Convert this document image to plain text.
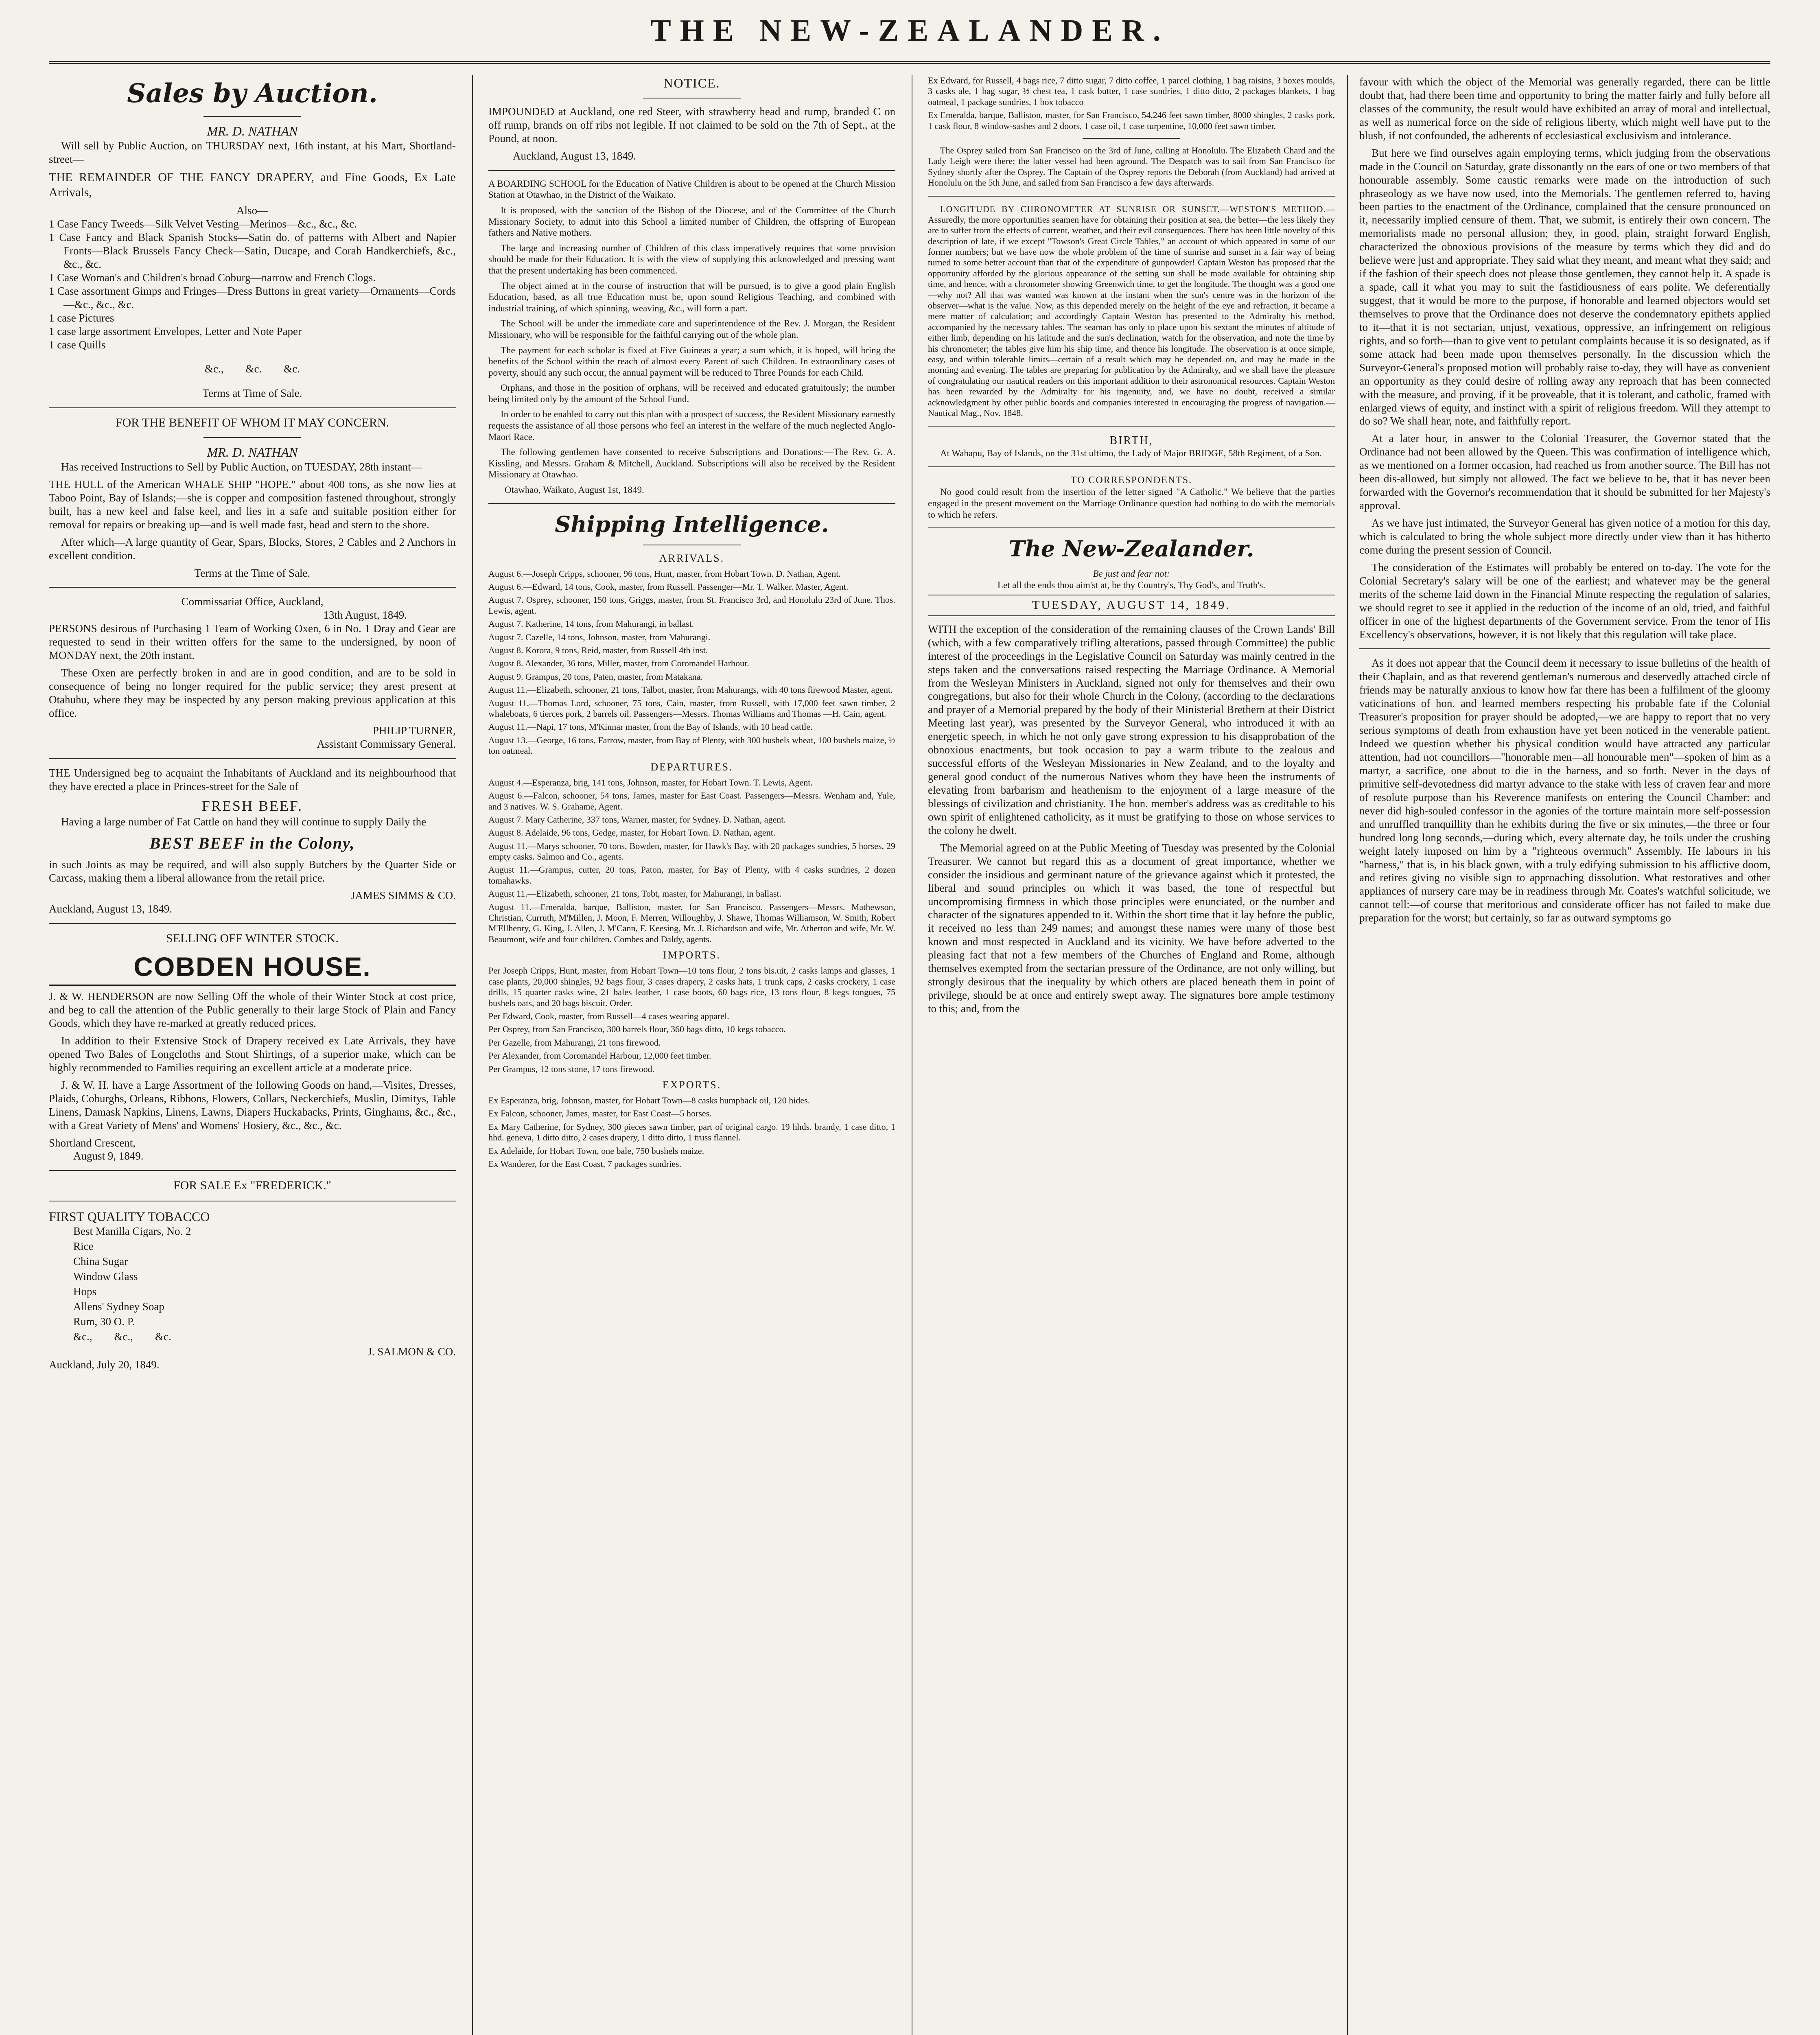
THE NEW-ZEALANDER.
Sales by Auction.
MR. D. NATHAN

Will sell by Public Auction, on THURSDAY next, 16th instant, at his Mart, Shortland-street—

THE REMAINDER OF THE FANCY DRAPERY, and Fine Goods, Ex Late Arrivals,

Also—

1 Case Fancy Tweeds—Silk Velvet Vesting—Merinos—&c., &c., &c.

1 Case Fancy and Black Spanish Stocks—Satin do. of patterns with Albert and Napier Fronts—Black Brussels Fancy Check—Satin, Ducape, and Corah Handkerchiefs, &c., &c., &c.

1 Case Woman's and Children's broad Coburg—narrow and French Clogs.

1 Case assortment Gimps and Fringes—Dress Buttons in great variety—Ornaments—Cords—&c., &c., &c.

1 case Pictures

1 case large assortment Envelopes, Letter and Note Paper

1 case Quills

&c.,        &c.        &c.

Terms at Time of Sale.
FOR THE BENEFIT OF WHOM IT MAY CONCERN.
MR. D. NATHAN

Has received Instructions to Sell by Public Auction, on TUESDAY, 28th instant—

THE HULL of the American WHALE SHIP "HOPE." about 400 tons, as she now lies at Taboo Point, Bay of Islands;—she is copper and composition fastened throughout, strongly built, has a new keel and false keel, and lies in a safe and suitable position either for removal for repairs or breaking up—and is well made fast, head and stern to the shore.

After which—A large quantity of Gear, Spars, Blocks, Stores, 2 Cables and 2 Anchors in excellent condition.

Terms at the Time of Sale.
Commissariat Office, Auckland,
13th August, 1849.

PERSONS desirous of Purchasing 1 Team of Working Oxen, 6 in No. 1 Dray and Gear are requested to send in their written offers for the same to the undersigned, by noon of MONDAY next, the 20th instant.

These Oxen are perfectly broken in and are in good condition, and are to be sold in consequence of being no longer required for the public service; they arest present at Otahuhu, where they may be inspected by any person making previous application at this office.

PHILIP TURNER,
Assistant Commissary General.

THE Undersigned beg to acquaint the Inhabitants of Auckland and its neighbourhood that they have erected a place in Princes-street for the Sale of

FRESH BEEF.

Having a large number of Fat Cattle on hand they will continue to supply Daily the

BEST BEEF in the Colony,

in such Joints as may be required, and will also supply Butchers by the Quarter Side or Carcass, making them a liberal allowance from the retail price.

JAMES SIMMS & CO.
Auckland, August 13, 1849.
SELLING OFF WINTER STOCK.
COBDEN HOUSE.

J. & W. HENDERSON are now Selling Off the whole of their Winter Stock at cost price, and beg to call the attention of the Public generally to their large Stock of Plain and Fancy Goods, which they have re-marked at greatly reduced prices.

In addition to their Extensive Stock of Drapery received ex Late Arrivals, they have opened Two Bales of Longcloths and Stout Shirtings, of a superior make, which can be highly recommended to Families requiring an excellent article at a moderate price.

J. & W. H. have a Large Assortment of the following Goods on hand,—Visites, Dresses, Plaids, Coburghs, Orleans, Ribbons, Flowers, Collars, Neckerchiefs, Muslin, Dimitys, Table Linens, Damask Napkins, Linens, Lawns, Diapers Huckabacks, Prints, Ginghams, &c., &c., with a Great Variety of Mens' and Womens' Hosiery, &c., &c., &c.

Shortland Crescent,
August 9, 1849.
FOR SALE Ex "FREDERICK."
FIRST QUALITY TOBACCO

Best Manilla Cigars, No. 2

Rice

China Sugar

Window Glass

Hops

Allens' Sydney Soap

Rum, 30 O. P.

&c.,        &c.,        &c.

J. SALMON & CO.
Auckland, July 20, 1849.
NOTICE.

IMPOUNDED at Auckland, one red Steer, with strawberry head and rump, branded C on off rump, brands on off ribs not legible. If not claimed to be sold on the 7th of Sept., at the Pound, at noon.

Auckland, August 13, 1849.

A BOARDING SCHOOL for the Education of Native Children is about to be opened at the Church Mission Station at Otawhao, in the District of the Waikato.

It is proposed, with the sanction of the Bishop of the Diocese, and of the Committee of the Church Missionary Society, to admit into this School a limited number of Children, the offspring of European fathers and Native mothers.

The large and increasing number of Children of this class imperatively requires that some provision should be made for their Education. It is with the view of supplying this acknowledged and pressing want that the present undertaking has been commenced.

The object aimed at in the course of instruction that will be pursued, is to give a good plain English Education, based, as all true Education must be, upon sound Religious Teaching, and combined with industrial training, of which spinning, weaving, &c., will form a part.

The School will be under the immediate care and superintendence of the Rev. J. Morgan, the Resident Missionary, who will be responsible for the faithful carrying out of the whole plan.

The payment for each scholar is fixed at Five Guineas a year; a sum which, it is hoped, will bring the benefits of the School within the reach of almost every Parent of such Children. In extraordinary cases of poverty, should any such occur, the annual payment will be reduced to Three Pounds for each Child.

Orphans, and those in the position of orphans, will be received and educated gratuitously; the number being limited only by the amount of the School Fund.

In order to be enabled to carry out this plan with a prospect of success, the Resident Missionary earnestly requests the assistance of all those persons who feel an interest in the welfare of the much neglected Anglo-Maori Race.

The following gentlemen have consented to receive Subscriptions and Donations:—The Rev. G. A. Kissling, and Messrs. Graham & Mitchell, Auckland. Subscriptions will also be received by the Resident Missionary at Otawhao.

Otawhao, Waikato, August 1st, 1849.
Shipping Intelligence.
ARRIVALS.

August 6.—Joseph Cripps, schooner, 96 tons, Hunt, master, from Hobart Town. D. Nathan, Agent.

August 6.—Edward, 14 tons, Cook, master, from Russell. Passenger—Mr. T. Walker. Master, Agent.

August 7. Osprey, schooner, 150 tons, Griggs, master, from St. Francisco 3rd, and Honolulu 23rd of June. Thos. Lewis, agent.

August 7. Katherine, 14 tons, from Mahurangi, in ballast.

August 7. Cazelle, 14 tons, Johnson, master, from Mahurangi.

August 8. Korora, 9 tons, Reid, master, from Russell 4th inst.

August 8. Alexander, 36 tons, Miller, master, from Coromandel Harbour.

August 9. Grampus, 20 tons, Paten, master, from Matakana.

August 11.—Elizabeth, schooner, 21 tons, Talbot, master, from Mahurangs, with 40 tons firewood Master, agent.

August 11.—Thomas Lord, schooner, 75 tons, Cain, master, from Russell, with 17,000 feet sawn timber, 2 whaleboats, 6 tierces pork, 2 barrels oil. Passengers—Messrs. Thomas Williams and Thomas —H. Cain, agent.

August 11.—Napi, 17 tons, M'Kinnar master, from the Bay of Islands, with 10 head cattle.

August 13.—George, 16 tons, Farrow, master, from Bay of Plenty, with 300 bushels wheat, 100 bushels maize, ½ ton oatmeal.

DEPARTURES.

August 4.—Esperanza, brig, 141 tons, Johnson, master, for Hobart Town. T. Lewis, Agent.

August 6.—Falcon, schooner, 54 tons, James, master for East Coast. Passengers—Messrs. Wenham and, Yule, and 3 natives. W. S. Grahame, Agent.

August 7. Mary Catherine, 337 tons, Warner, master, for Sydney. D. Nathan, agent.

August 8. Adelaide, 96 tons, Gedge, master, for Hobart Town. D. Nathan, agent.

August 11.—Marys schooner, 70 tons, Bowden, master, for Hawk's Bay, with 20 packages sundries, 5 horses, 29 empty casks. Salmon and Co., agents.

August 11.—Grampus, cutter, 20 tons, Paton, master, for Bay of Plenty, with 4 casks sundries, 2 dozen tomahawks.

August 11.—Elizabeth, schooner, 21 tons, Tobt, master, for Mahurangi, in ballast.

August 11.—Emeralda, barque, Balliston, master, for San Francisco. Passengers—Messrs. Mathewson, Christian, Curruth, M'Millen, J. Moon, F. Merren, Willoughby, J. Shawe, Thomas Williamson, W. Smith, Robert M'Ellhenry, G. King, J. Allen, J. M'Cann, F. Keesing, Mr. J. Richardson and wife, Mr. Atherton and wife, Mr. W. Beaumont, wife and four children. Combes and Daldy, agents.

IMPORTS.

Per Joseph Cripps, Hunt, master, from Hobart Town—10 tons flour, 2 tons bis.uit, 2 casks lamps and glasses, 1 case plants, 20,000 shingles, 92 bags flour, 3 cases drapery, 2 casks hats, 1 trunk caps, 2 casks crockery, 1 case drills, 15 quarter casks wine, 21 bales leather, 1 case boots, 60 bags rice, 13 tons flour, 8 kegs tongues, 75 bushels oats, and 20 bags biscuit. Order.

Per Edward, Cook, master, from Russell—4 cases wearing apparel.

Per Osprey, from San Francisco, 300 barrels flour, 360 bags ditto, 10 kegs tobacco.

Per Gazelle, from Mahurangi, 21 tons firewood.

Per Alexander, from Coromandel Harbour, 12,000 feet timber.

Per Grampus, 12 tons stone, 17 tons firewood.

EXPORTS.

Ex Esperanza, brig, Johnson, master, for Hobart Town—8 casks humpback oil, 120 hides.

Ex Falcon, schooner, James, master, for East Coast—5 horses.

Ex Mary Catherine, for Sydney, 300 pieces sawn timber, part of original cargo. 19 hhds. brandy, 1 case ditto, 1 hhd. geneva, 1 ditto ditto, 2 cases drapery, 1 ditto ditto, 1 truss flannel.

Ex Adelaide, for Hobart Town, one bale, 750 bushels maize.

Ex Wanderer, for the East Coast, 7 packages sundries.

Ex Edward, for Russell, 4 bags rice, 7 ditto sugar, 7 ditto coffee, 1 parcel clothing, 1 bag raisins, 3 boxes moulds, 3 casks ale, 1 bag sugar, ½ chest tea, 1 cask butter, 1 case sundries, 1 ditto ditto, 2 packages blankets, 1 bag oatmeal, 1 package sundries, 1 box tobacco

Ex Emeralda, barque, Balliston, master, for San Francisco, 54,246 feet sawn timber, 8000 shingles, 2 casks pork, 1 cask flour, 8 window-sashes and 2 doors, 1 case oil, 1 case turpentine, 10,000 feet sawn timber.

The Osprey sailed from San Francisco on the 3rd of June, calling at Honolulu. The Elizabeth Chard and the Lady Leigh were there; the latter vessel had been aground. The Despatch was to sail from San Francisco for Sydney shortly after the Osprey. The Captain of the Osprey reports the Deborah (from Auckland) had arrived at Honolulu on the 5th June, and sailed from San Francisco a few days afterwards.

LONGITUDE BY CHRONOMETER AT SUNRISE OR SUNSET.—WESTON'S METHOD.—Assuredly, the more opportunities seamen have for obtaining their position at sea, the better—the less likely they are to suffer from the effects of current, weather, and their evil consequences. There has been little novelty of this description of late, if we except "Towson's Great Circle Tables," an account of which appeared in some of our former numbers; but we have now the whole problem of the time of sunrise and sunset in a fair way of being turned to some better account than that of the expenditure of gunpowder! Captain Weston has proposed that the opportunity afforded by the glorious appearance of the setting sun shall be made available for obtaining ship time, and hence, with a chronometer showing Greenwich time, to get the longitude. The thought was a good one—why not? All that was wanted was known at the instant when the sun's centre was in the horizon of the observer—what is the value. Now, as this depended merely on the height of the eye and refraction, it became a mere matter of calculation; and accordingly Captain Weston has presented to the Admiralty his method, accompanied by the necessary tables. The seaman has only to place upon his sextant the minutes of altitude of either limb, depending on his latitude and the sun's declination, watch for the observation, and note the time by his chronometer; the tables give him his ship time, and thence his longitude. The observation is at once simple, easy, and within tolerable limits—certain of a result which may be depended on, and may be made in the morning and evening. The tables are preparing for publication by the Admiralty, and we shall have the pleasure of congratulating our nautical readers on this important addition to their astronomical resources. Captain Weston has been rewarded by the Admiralty for his ingenuity, and, we have no doubt, received a similar acknowledgment by other public boards and companies interested in encouraging the progress of navigation.—Nautical Mag., Nov. 1848.

BIRTH,

At Wahapu, Bay of Islands, on the 31st ultimo, the Lady of Major BRIDGE, 58th Regiment, of a Son.

TO CORRESPONDENTS.

No good could result from the insertion of the letter signed "A Catholic." We believe that the parties engaged in the present movement on the Marriage Ordinance question had nothing to do with the memorials to which he refers.

The New-Zealander.
Be just and fear not:
Let all the ends thou aim'st at, be thy Country's, Thy God's, and Truth's.
TUESDAY, AUGUST 14, 1849.

WITH the exception of the consideration of the remaining clauses of the Crown Lands' Bill (which, with a few comparatively trifling alterations, passed through Committee) the public interest of the proceedings in the Legislative Council on Saturday was mainly centred in the steps taken and the conversations raised respecting the Marriage Ordinance. A Memorial from the Wesleyan Ministers in Auckland, signed not only for themselves and their own congregations, but also for their whole Church in the Colony, (according to the declarations and prayer of a Memorial prepared by the body of their Ministerial Brethern at their District Meeting last year), was presented by the Surveyor General, who introduced it with an energetic speech, in which he not only gave strong expression to his disapprobation of the obnoxious enactments, but took occasion to pay a warm tribute to the zealous and successful efforts of the Wesleyan Missionaries in New Zealand, and to the loyalty and general good conduct of the numerous Natives whom they have been the instruments of elevating from barbarism and heathenism to the enjoyment of a large measure of the blessings of civilization and christianity. The hon. member's address was as creditable to his own spirit of enlightened catholicity, as it must be gratifying to those on whose services to the colony he dwelt.

The Memorial agreed on at the Public Meeting of Tuesday was presented by the Colonial Treasurer. We cannot but regard this as a document of great importance, whether we consider the insidious and germinant nature of the grievance against which it protested, the liberal and sound principles on which it was based, the tone of respectful but uncompromising firmness in which those principles were enunciated, or the number and character of the signatures appended to it. Within the short time that it lay before the public, it received no less than 249 names; and amongst these names were many of those best known and most respected in Auckland and its vicinity. We have before adverted to the pleasing fact that not a few members of the Churches of England and Rome, although themselves exempted from the sectarian pressure of the Ordinance, are not only willing, but strongly desirous that the inequality by which others are placed beneath them in point of privilege, should be at once and entirely swept away. The signatures bore ample testimony to this; and, from the

favour with which the object of the Memorial was generally regarded, there can be little doubt that, had there been time and opportunity to bring the matter fairly and fully before all classes of the community, the result would have exhibited an array of moral and intellectual, as well as numerical force on the side of religious liberty, which might well have put to the blush, if not confounded, the adherents of ecclesiastical exclusivism and intolerance.

But here we find ourselves again employing terms, which judging from the observations made in the Council on Saturday, grate dissonantly on the ears of one or two members of that honourable assembly. Some caustic remarks were made on the introduction of such phraseology as we have now used, into the Memorials. The gentlemen referred to, having been parties to the enactment of the Ordinance, complained that the censure pronounced on it, necessarily implied censure of them. That, we submit, is entirely their own concern. The memorialists made no personal allusion; they, in good, plain, straight forward English, characterized the obnoxious provisions of the measure by terms which they did and do believe were just and appropriate. They said what they meant, and meant what they said; and if the fashion of their speech does not please those gentlemen, they cannot help it. A spade is a spade, call it what you may to suit the fastidiousness of ears polite. We deferentially suggest, that it would be more to the purpose, if honorable and learned objectors would set themselves to prove that the Ordinance does not deserve the condemnatory epithets applied to it—that it is not sectarian, unjust, vexatious, oppressive, an infringement on religious rights, and so forth—than to give vent to petulant complaints because it is so designated, as if some attack had been made upon themselves personally. In the discussion which the Surveyor-General's proposed motion will probably raise to-day, they will have as convenient an opportunity as they could desire of rolling away any reproach that has been connected with the measure, and proving, if it be proveable, that it is tolerant, and catholic, framed with enlarged views of equity, and instinct with a spirit of religious freedom. Will they attempt to do so? We shall hear, note, and faithfully report.

At a later hour, in answer to the Colonial Treasurer, the Governor stated that the Ordinance had not been allowed by the Queen. This was confirmation of intelligence which, as we mentioned on a former occasion, had reached us from another source. The Bill has not been dis-allowed, but simply not allowed. The fact we believe to be, that it has never been forwarded with the Governor's recommendation that it should be submitted for her Majesty's approval.

As we have just intimated, the Surveyor General has given notice of a motion for this day, which is calculated to bring the whole subject more directly under view than it has hitherto come during the present session of Council.

The consideration of the Estimates will probably be entered on to-day. The vote for the Colonial Secretary's salary will be one of the earliest; and whatever may be the general merits of the scheme laid down in the Financial Minute respecting the regulation of salaries, we should regret to see it applied in the reduction of the income of an old, tried, and faithful officer in one of the highest departments of the Government service. From the tenor of His Excellency's observations, however, it is not likely that this regulation will take place.

As it does not appear that the Council deem it necessary to issue bulletins of the health of their Chaplain, and as that reverend gentleman's numerous and deservedly attached circle of friends may be naturally anxious to know how far there has been a fulfilment of the gloomy vaticinations of hon. and learned members respecting his probable fate if the Colonial Treasurer's proposition for prayer should be adopted,—we are happy to report that no very serious symptoms of death from exhaustion have yet been noticed in the venerable patient. Indeed we question whether his physical condition would have attracted any particular attention, had not councillors—"honorable men—all honourable men"—spoken of him as a martyr, a sacrifice, one about to die in the harness, and so forth. Never in the days of primitive self-devotedness did martyr advance to the stake with less of craven fear and more of resolute purpose than his Reverence manifests on entering the Council Chamber: and never did high-souled confessor in the agonies of the torture maintain more self-possession and unruffled tranquillity than he exhibits during the five or six minutes,—the three or four hundred long long seconds,—during which, every alternate day, he toils under the crushing weight lately imposed on him by a "righteous overmuch" Assembly. He labours in his "harness," that is, in his black gown, with a truly edifying submission to his afflictive doom, and retires giving no visible sign to approaching dissolution. What restoratives and other appliances of nursery care may be in readiness through Mr. Coates's watchful solicitude, we cannot tell:—of course that meritorious and considerate officer has not failed to make due preparation for the worst; but certainly, so far as outward symptoms go
